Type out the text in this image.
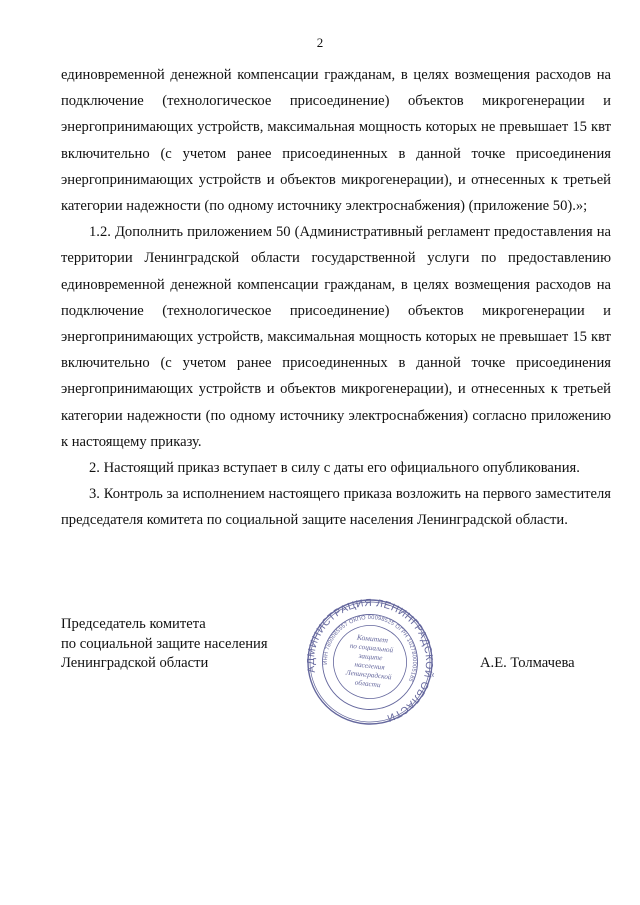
2

единовременной денежной компенсации гражданам, в целях возмещения расходов на подключение (технологическое присоединение) объектов микрогенерации и энергопринимающих устройств, максимальная мощность которых не превышает 15 квт включительно (с учетом ранее присоединенных в данной точке присоединения энергопринимающих устройств и объектов микрогенерации), и отнесенных к третьей категории надежности (по одному источнику электроснабжения) (приложение 50).»;

1.2. Дополнить приложением 50 (Административный регламент предоставления на территории Ленинградской области государственной услуги по предоставлению единовременной денежной компенсации гражданам, в целях возмещения расходов на подключение (технологическое присоединение) объектов микрогенерации и энергопринимающих устройств, максимальная мощность которых не превышает 15 квт включительно (с учетом ранее присоединенных в данной точке присоединения энергопринимающих устройств и объектов микрогенерации), и отнесенных к третьей категории надежности (по одному источнику электроснабжения) согласно приложению к настоящему приказу.

2. Настоящий приказ вступает в силу с даты его официального опубликования.

3. Контроль за исполнением настоящего приказа возложить на первого заместителя председателя комитета по социальной защите населения Ленинградской области.

Председатель комитета
по социальной защите населения
Ленинградской области	АДМИНИСТРАЦИЯ ЛЕНИНГРАДСКОЙ ОБЛАСТИ
ИНН 7800085557 ОКПО 00098525 ОГРН 1027800005185
Комитет
по социальной
защите
населения
Ленинградской
области
А.Е. Толмачева
